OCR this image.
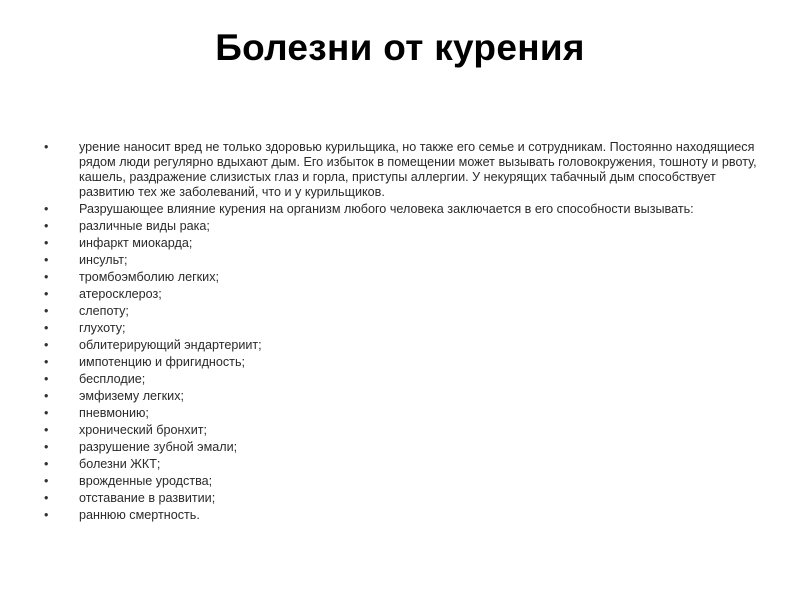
Болезни от курения
•	урение наносит вред не только здоровью курильщика, но также его семье и сотрудникам. Постоянно находящиеся рядом люди регулярно вдыхают дым. Его избыток в помещении может вызывать головокружения, тошноту и рвоту, кашель, раздражение слизистых глаз и горла, приступы аллергии. У некурящих табачный дым способствует развитию тех же заболеваний, что и у курильщиков.
•	Разрушающее влияние курения на организм любого человека заключается в его способности вызывать:
•	различные виды рака;
•	инфаркт миокарда;
•	инсульт;
•	тромбоэмболию легких;
•	атеросклероз;
•	слепоту;
•	глухоту;
•	облитерирующий эндартериит;
•	импотенцию и фригидность;
•	бесплодие;
•	эмфизему легких;
•	пневмонию;
•	хронический бронхит;
•	разрушение зубной эмали;
•	болезни ЖКТ;
•	врожденные уродства;
•	отставание в развитии;
•	раннюю смертность.
